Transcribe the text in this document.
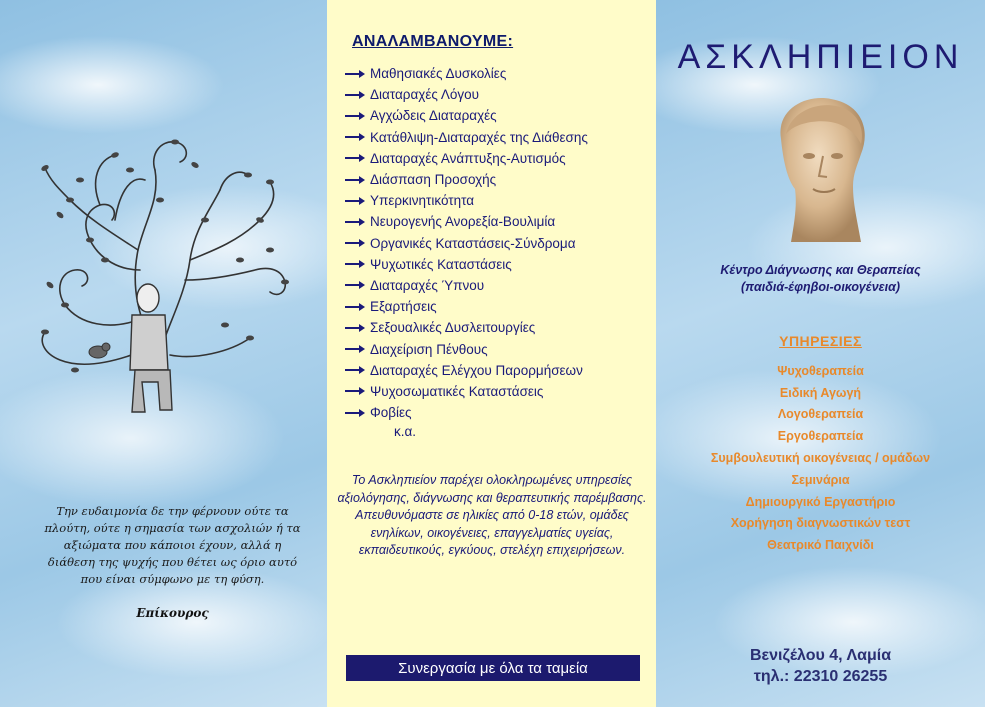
Την ευδαιμονία δε την φέρνουν ούτε τα πλούτη, ούτε η σημασία των ασχολιών ή τα αξιώματα που κάποιοι έχουν, αλλά η διάθεση της ψυχής που θέτει ως όριο αυτό που είναι σύμφωνο με τη φύση.
Επίκουρος
ΑΝΑΛΑΜΒΑΝΟΥΜΕ:
Μαθησιακές Δυσκολίες
Διαταραχές Λόγου
Αγχώδεις Διαταραχές
Κατάθλιψη-Διαταραχές της Διάθεσης
Διαταραχές Ανάπτυξης-Αυτισμός
Διάσπαση Προσοχής
Υπερκινητικότητα
Νευρογενής Ανορεξία-Βουλιμία
Οργανικές Καταστάσεις-Σύνδρομα
Ψυχωτικές Καταστάσεις
Διαταραχές Ύπνου
Εξαρτήσεις
Σεξουαλικές Δυσλειτουργίες
Διαχείριση Πένθους
Διαταραχές Ελέγχου Παρορμήσεων
Ψυχοσωματικές Καταστάσεις
Φοβίες
κ.α.
Το Ασκληπιείον παρέχει ολοκληρωμένες υπηρεσίες αξιολόγησης, διάγνωσης και θεραπευτικής παρέμβασης. Απευθυνόμαστε σε ηλικίες από 0-18 ετών, ομάδες ενηλίκων, οικογένειες, επαγγελματίες υγείας, εκπαιδευτικούς, εγκύους, στελέχη επιχειρήσεων.
Συνεργασία με όλα τα ταμεία
ΑΣΚΛΗΠΙΕΙΟΝ
Κέντρο Διάγνωσης και Θεραπείας
(παιδιά-έφηβοι-οικογένεια)
ΥΠΗΡΕΣΙΕΣ
Ψυχοθεραπεία
Ειδική Αγωγή
Λογοθεραπεία
Εργοθεραπεία
Συμβουλευτική οικογένειας / ομάδων
Σεμινάρια
Δημιουργικό Εργαστήριο
Χορήγηση διαγνωστικών τεστ
Θεατρικό Παιχνίδι
Βενιζέλου 4, Λαμία
τηλ.: 22310 26255
